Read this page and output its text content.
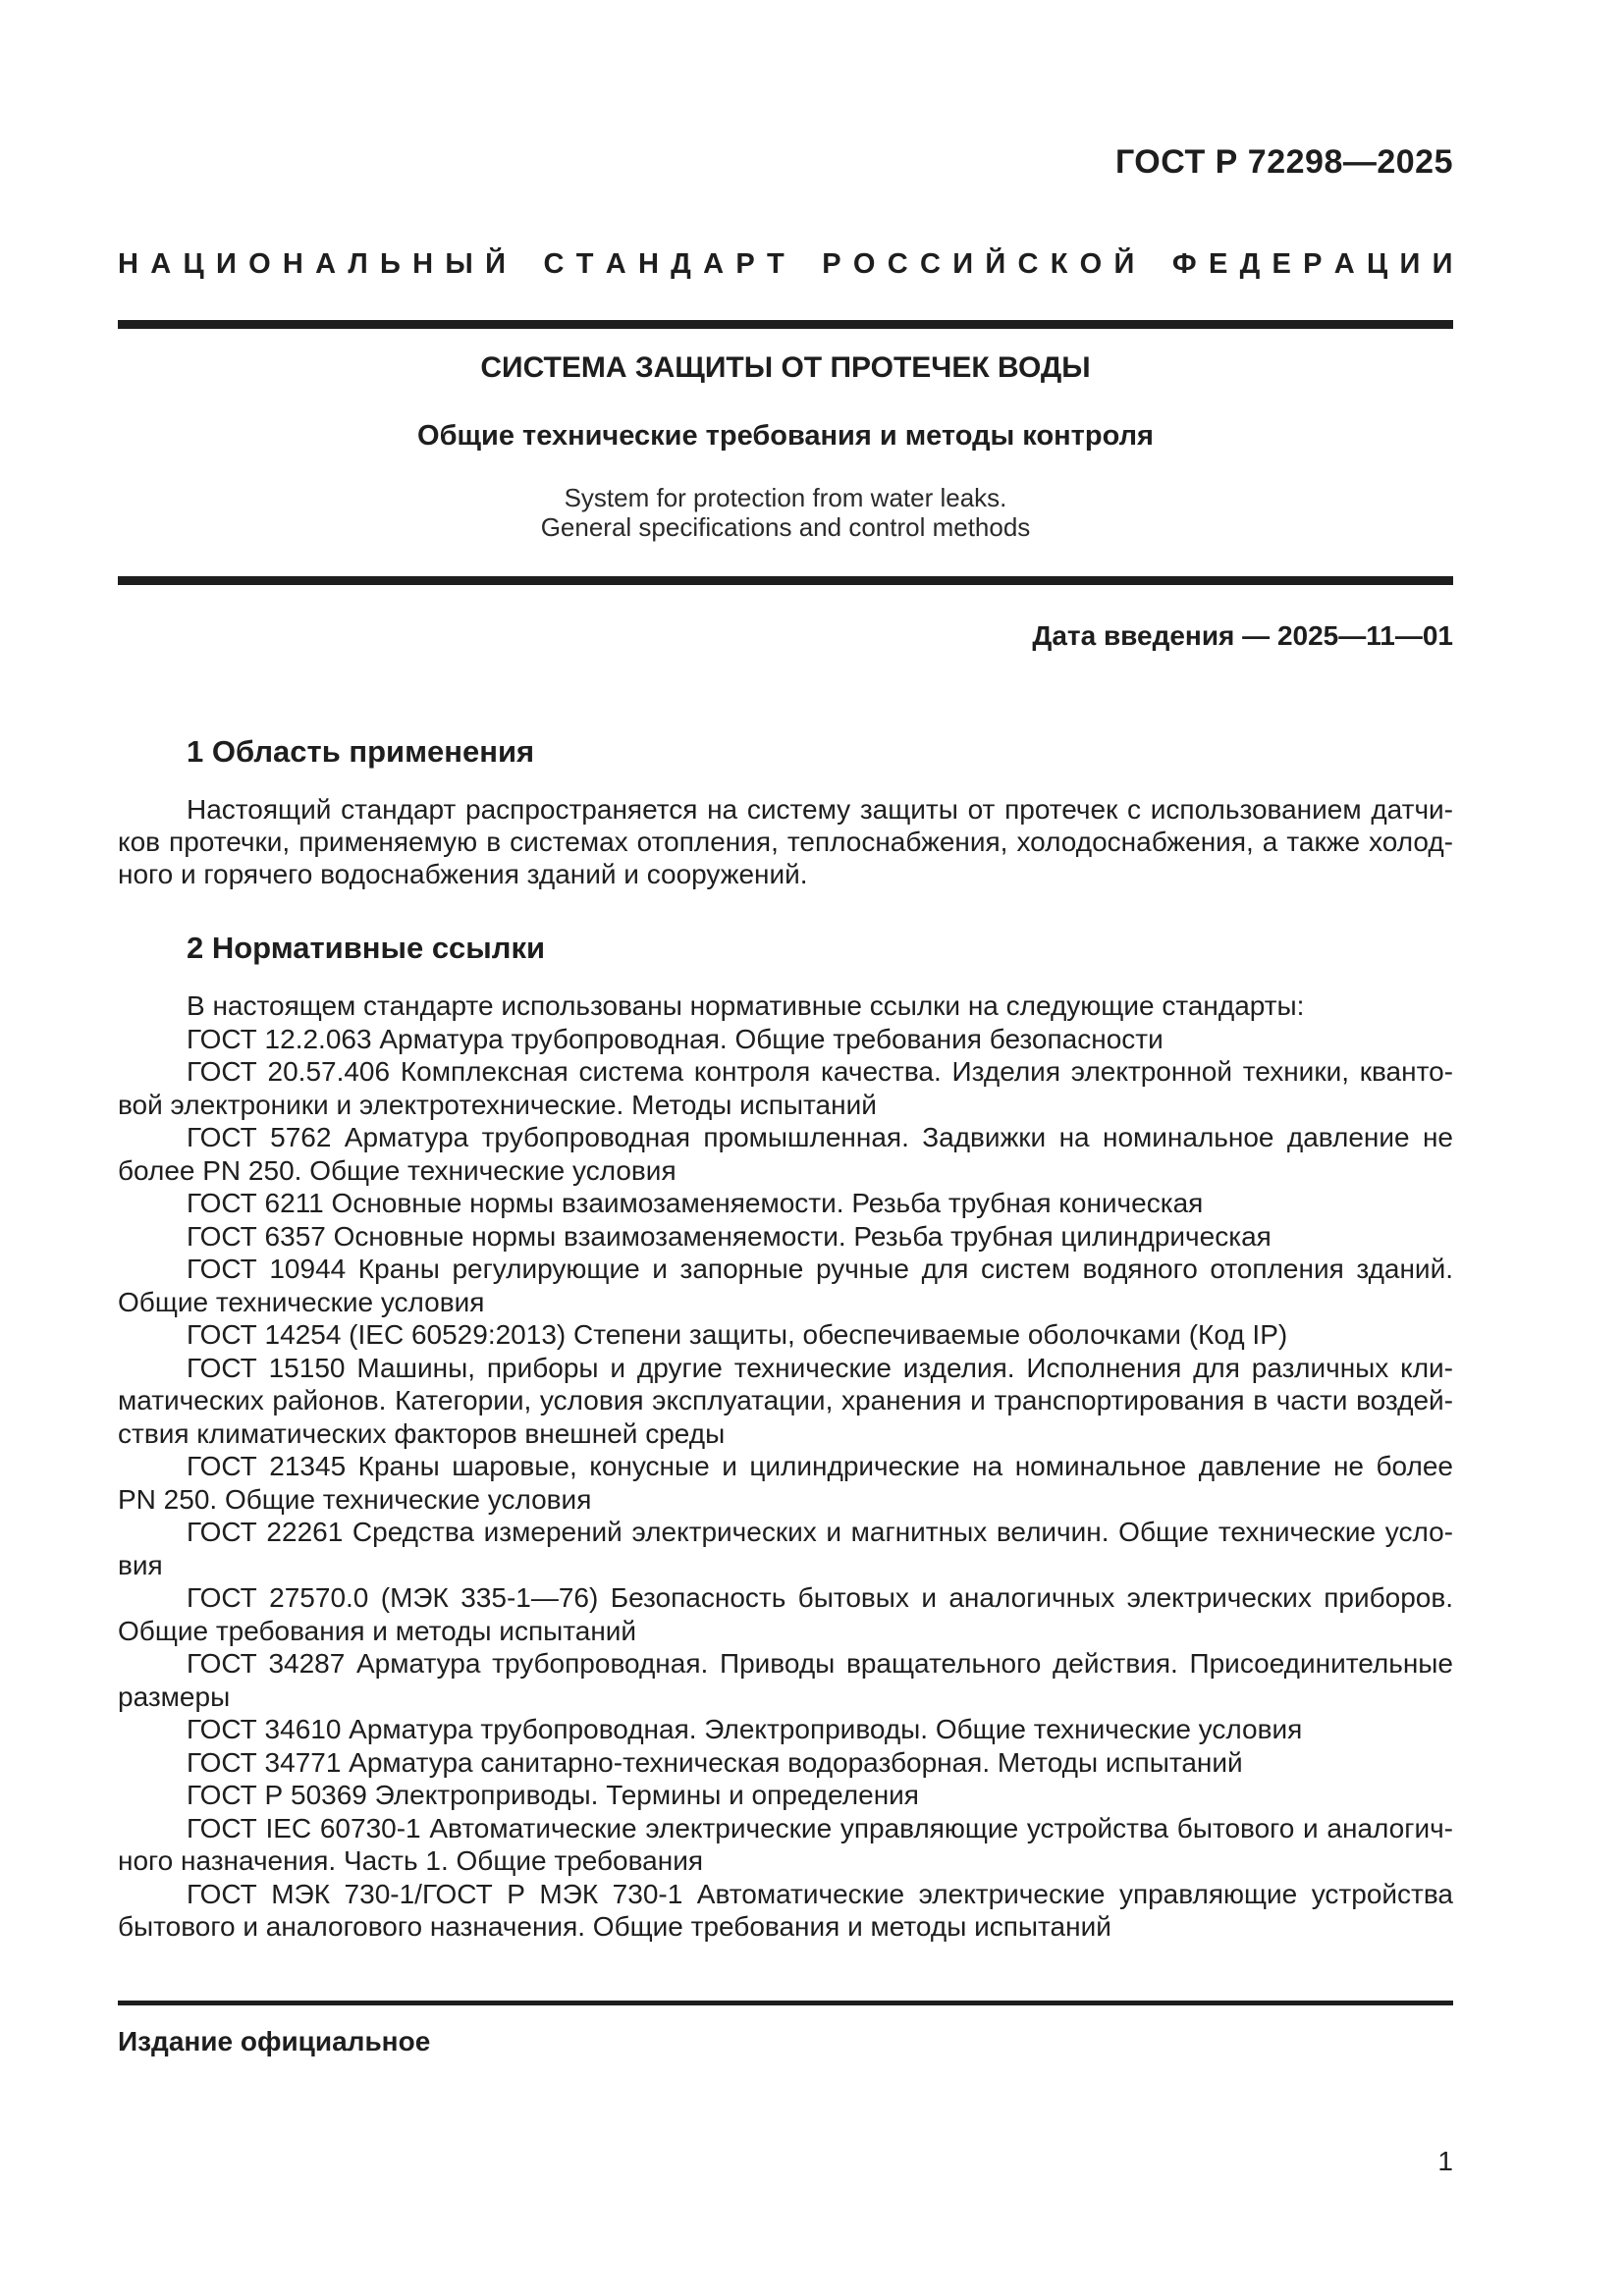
ГОСТ Р 72298—2025
Н А Ц И О Н А Л Ь Н Ы Й
С Т А Н Д А Р Т
Р О С С И Й С К О Й
Ф Е Д Е Р А Ц И И
СИСТЕМА ЗАЩИТЫ ОТ ПРОТЕЧЕК ВОДЫ
Общие технические требования и методы контроля
System for protection from water leaks.
General specifications and control methods
Дата введения — 2025—11—01
1 Область применения
Настоящий стандарт распространяется на систему защиты от протечек с использованием датчи-
ков протечки, применяемую в системах отопления, теплоснабжения, холодоснабжения, а также холод-
ного и горячего водоснабжения зданий и сооружений.
2 Нормативные ссылки
В настоящем стандарте использованы нормативные ссылки на следующие стандарты:
ГОСТ 12.2.063 Арматура трубопроводная. Общие требования безопасности
ГОСТ 20.57.406 Комплексная система контроля качества. Изделия электронной техники, кванто-
вой электроники и электротехнические. Методы испытаний
ГОСТ 5762 Арматура трубопроводная промышленная. Задвижки на номинальное давление не
более PN 250. Общие технические условия
ГОСТ 6211 Основные нормы взаимозаменяемости. Резьба трубная коническая
ГОСТ 6357 Основные нормы взаимозаменяемости. Резьба трубная цилиндрическая
ГОСТ 10944 Краны регулирующие и запорные ручные для систем водяного отопления зданий.
Общие технические условия
ГОСТ 14254 (IEC 60529:2013) Степени защиты, обеспечиваемые оболочками (Код IP)
ГОСТ 15150 Машины, приборы и другие технические изделия. Исполнения для различных кли-
матических районов. Категории, условия эксплуатации, хранения и транспортирования в части воздей-
ствия климатических факторов внешней среды
ГОСТ 21345 Краны шаровые, конусные и цилиндрические на номинальное давление не более
PN 250. Общие технические условия
ГОСТ 22261 Средства измерений электрических и магнитных величин. Общие технические усло-
вия
ГОСТ 27570.0 (МЭК 335-1—76) Безопасность бытовых и аналогичных электрических приборов.
Общие требования и методы испытаний
ГОСТ 34287 Арматура трубопроводная. Приводы вращательного действия. Присоединительные
размеры
ГОСТ 34610 Арматура трубопроводная. Электроприводы. Общие технические условия
ГОСТ 34771 Арматура санитарно-техническая водоразборная. Методы испытаний
ГОСТ Р 50369 Электроприводы. Термины и определения
ГОСТ IEC 60730-1 Автоматические электрические управляющие устройства бытового и аналогич-
ного назначения. Часть 1. Общие требования
ГОСТ МЭК 730-1/ГОСТ Р МЭК 730-1 Автоматические электрические управляющие устройства
бытового и аналогового назначения. Общие требования и методы испытаний
Издание официальное
1
